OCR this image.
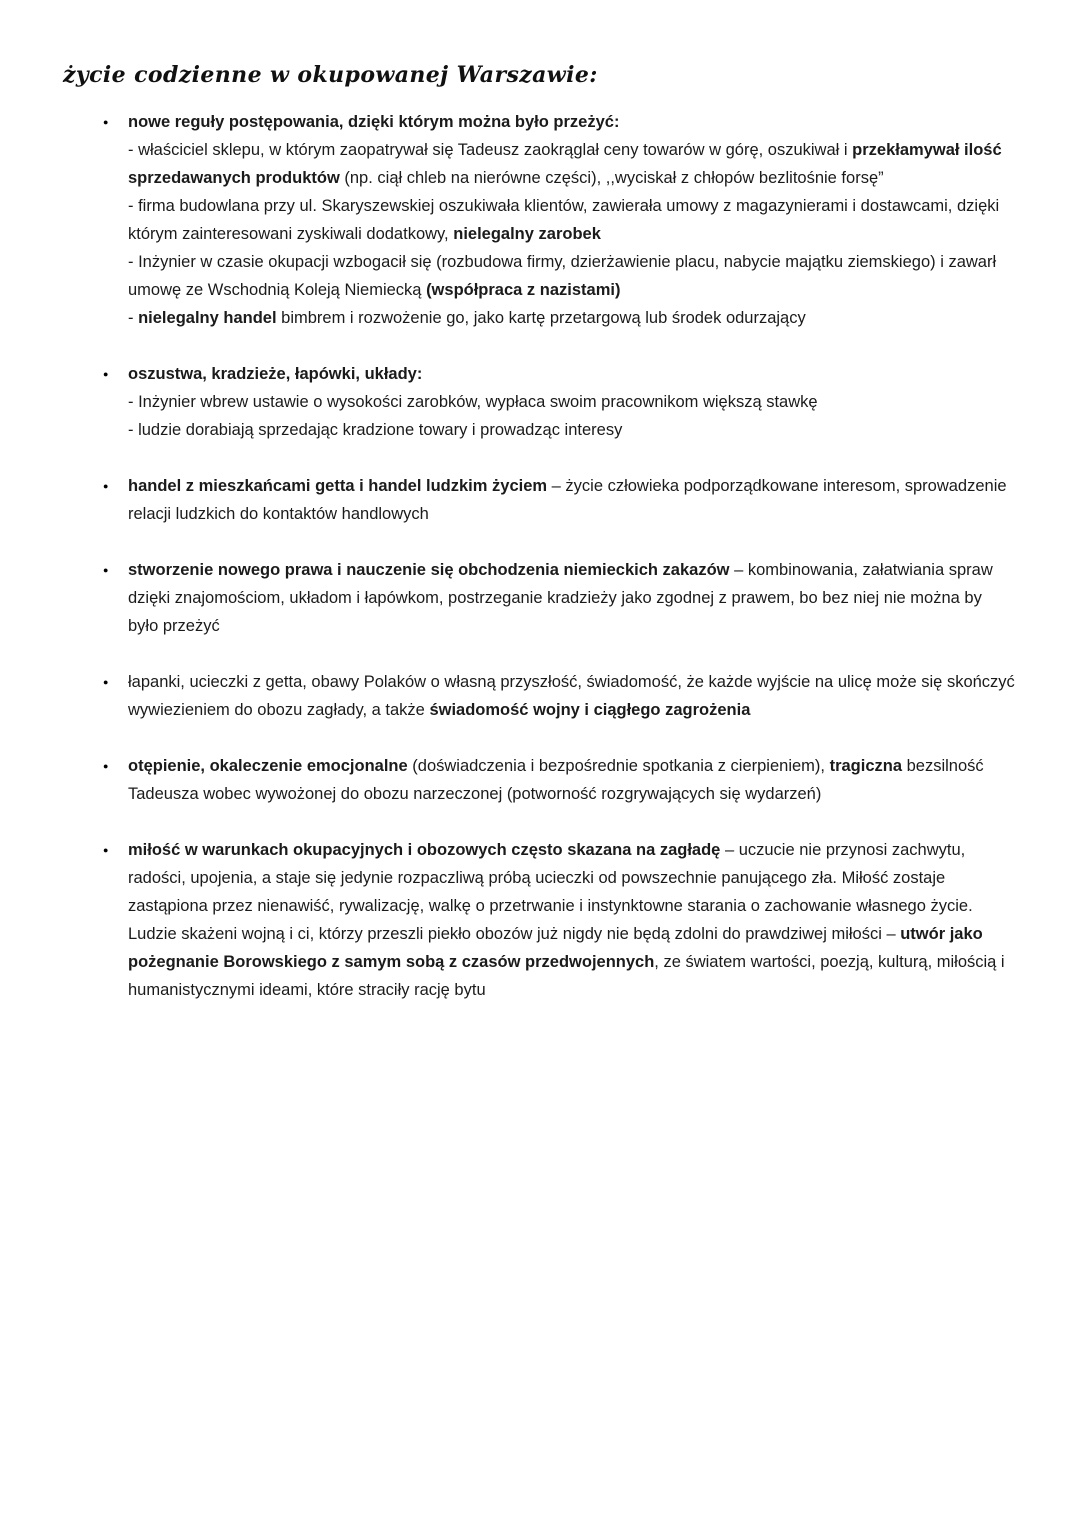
życie codzienne w okupowanej Warszawie:
●	nowe reguły postępowania, dzięki którym można było przeżyć:
- właściciel sklepu, w którym zaopatrywał się Tadeusz zaokrąglał ceny towarów w górę, oszukiwał i przekłamywał ilość sprzedawanych produktów (np. ciął chleb na nierówne części), ,,wyciskał z chłopów bezlitośnie forsę”
- firma budowlana przy ul. Skaryszewskiej oszukiwała klientów, zawierała umowy z magazynierami i dostawcami, dzięki którym zainteresowani zyskiwali dodatkowy, nielegalny zarobek
- Inżynier w czasie okupacji wzbogacił się (rozbudowa firmy, dzierżawienie placu, nabycie majątku ziemskiego) i zawarł umowę ze Wschodnią Koleją Niemiecką (współpraca z nazistami)
- nielegalny handel bimbrem i rozwożenie go, jako kartę przetargową lub środek odurzający
●	oszustwa, kradzieże, łapówki, układy:
- Inżynier wbrew ustawie o wysokości zarobków, wypłaca swoim pracownikom większą stawkę
- ludzie dorabiają sprzedając kradzione towary i prowadząc interesy
●	handel z mieszkańcami getta i handel ludzkim życiem – życie człowieka podporządkowane interesom, sprowadzenie relacji ludzkich do kontaktów handlowych
●	stworzenie nowego prawa i nauczenie się obchodzenia niemieckich zakazów – kombinowania, załatwiania spraw dzięki znajomościom, układom i łapówkom, postrzeganie kradzieży jako zgodnej z prawem, bo bez niej nie można by było przeżyć
●	łapanki, ucieczki z getta, obawy Polaków o własną przyszłość, świadomość, że każde wyjście na ulicę może się skończyć wywiezieniem do obozu zagłady, a także świadomość wojny i ciągłego zagrożenia
●	otępienie, okaleczenie emocjonalne (doświadczenia i bezpośrednie spotkania z cierpieniem), tragiczna bezsilność Tadeusza wobec wywożonej do obozu narzeczonej (potworność rozgrywających się wydarzeń)
●	miłość w warunkach okupacyjnych i obozowych często skazana na zagładę – uczucie nie przynosi zachwytu, radości, upojenia, a staje się jedynie rozpaczliwą próbą ucieczki od powszechnie panującego zła. Miłość zostaje zastąpiona przez nienawiść, rywalizację, walkę o przetrwanie i instynktowne starania o zachowanie własnego życie. Ludzie skażeni wojną i ci, którzy przeszli piekło obozów już nigdy nie będą zdolni do prawdziwej miłości – utwór jako pożegnanie Borowskiego z samym sobą z czasów przedwojennych, ze światem wartości, poezją, kulturą, miłością i humanistycznymi ideami, które straciły rację bytu
